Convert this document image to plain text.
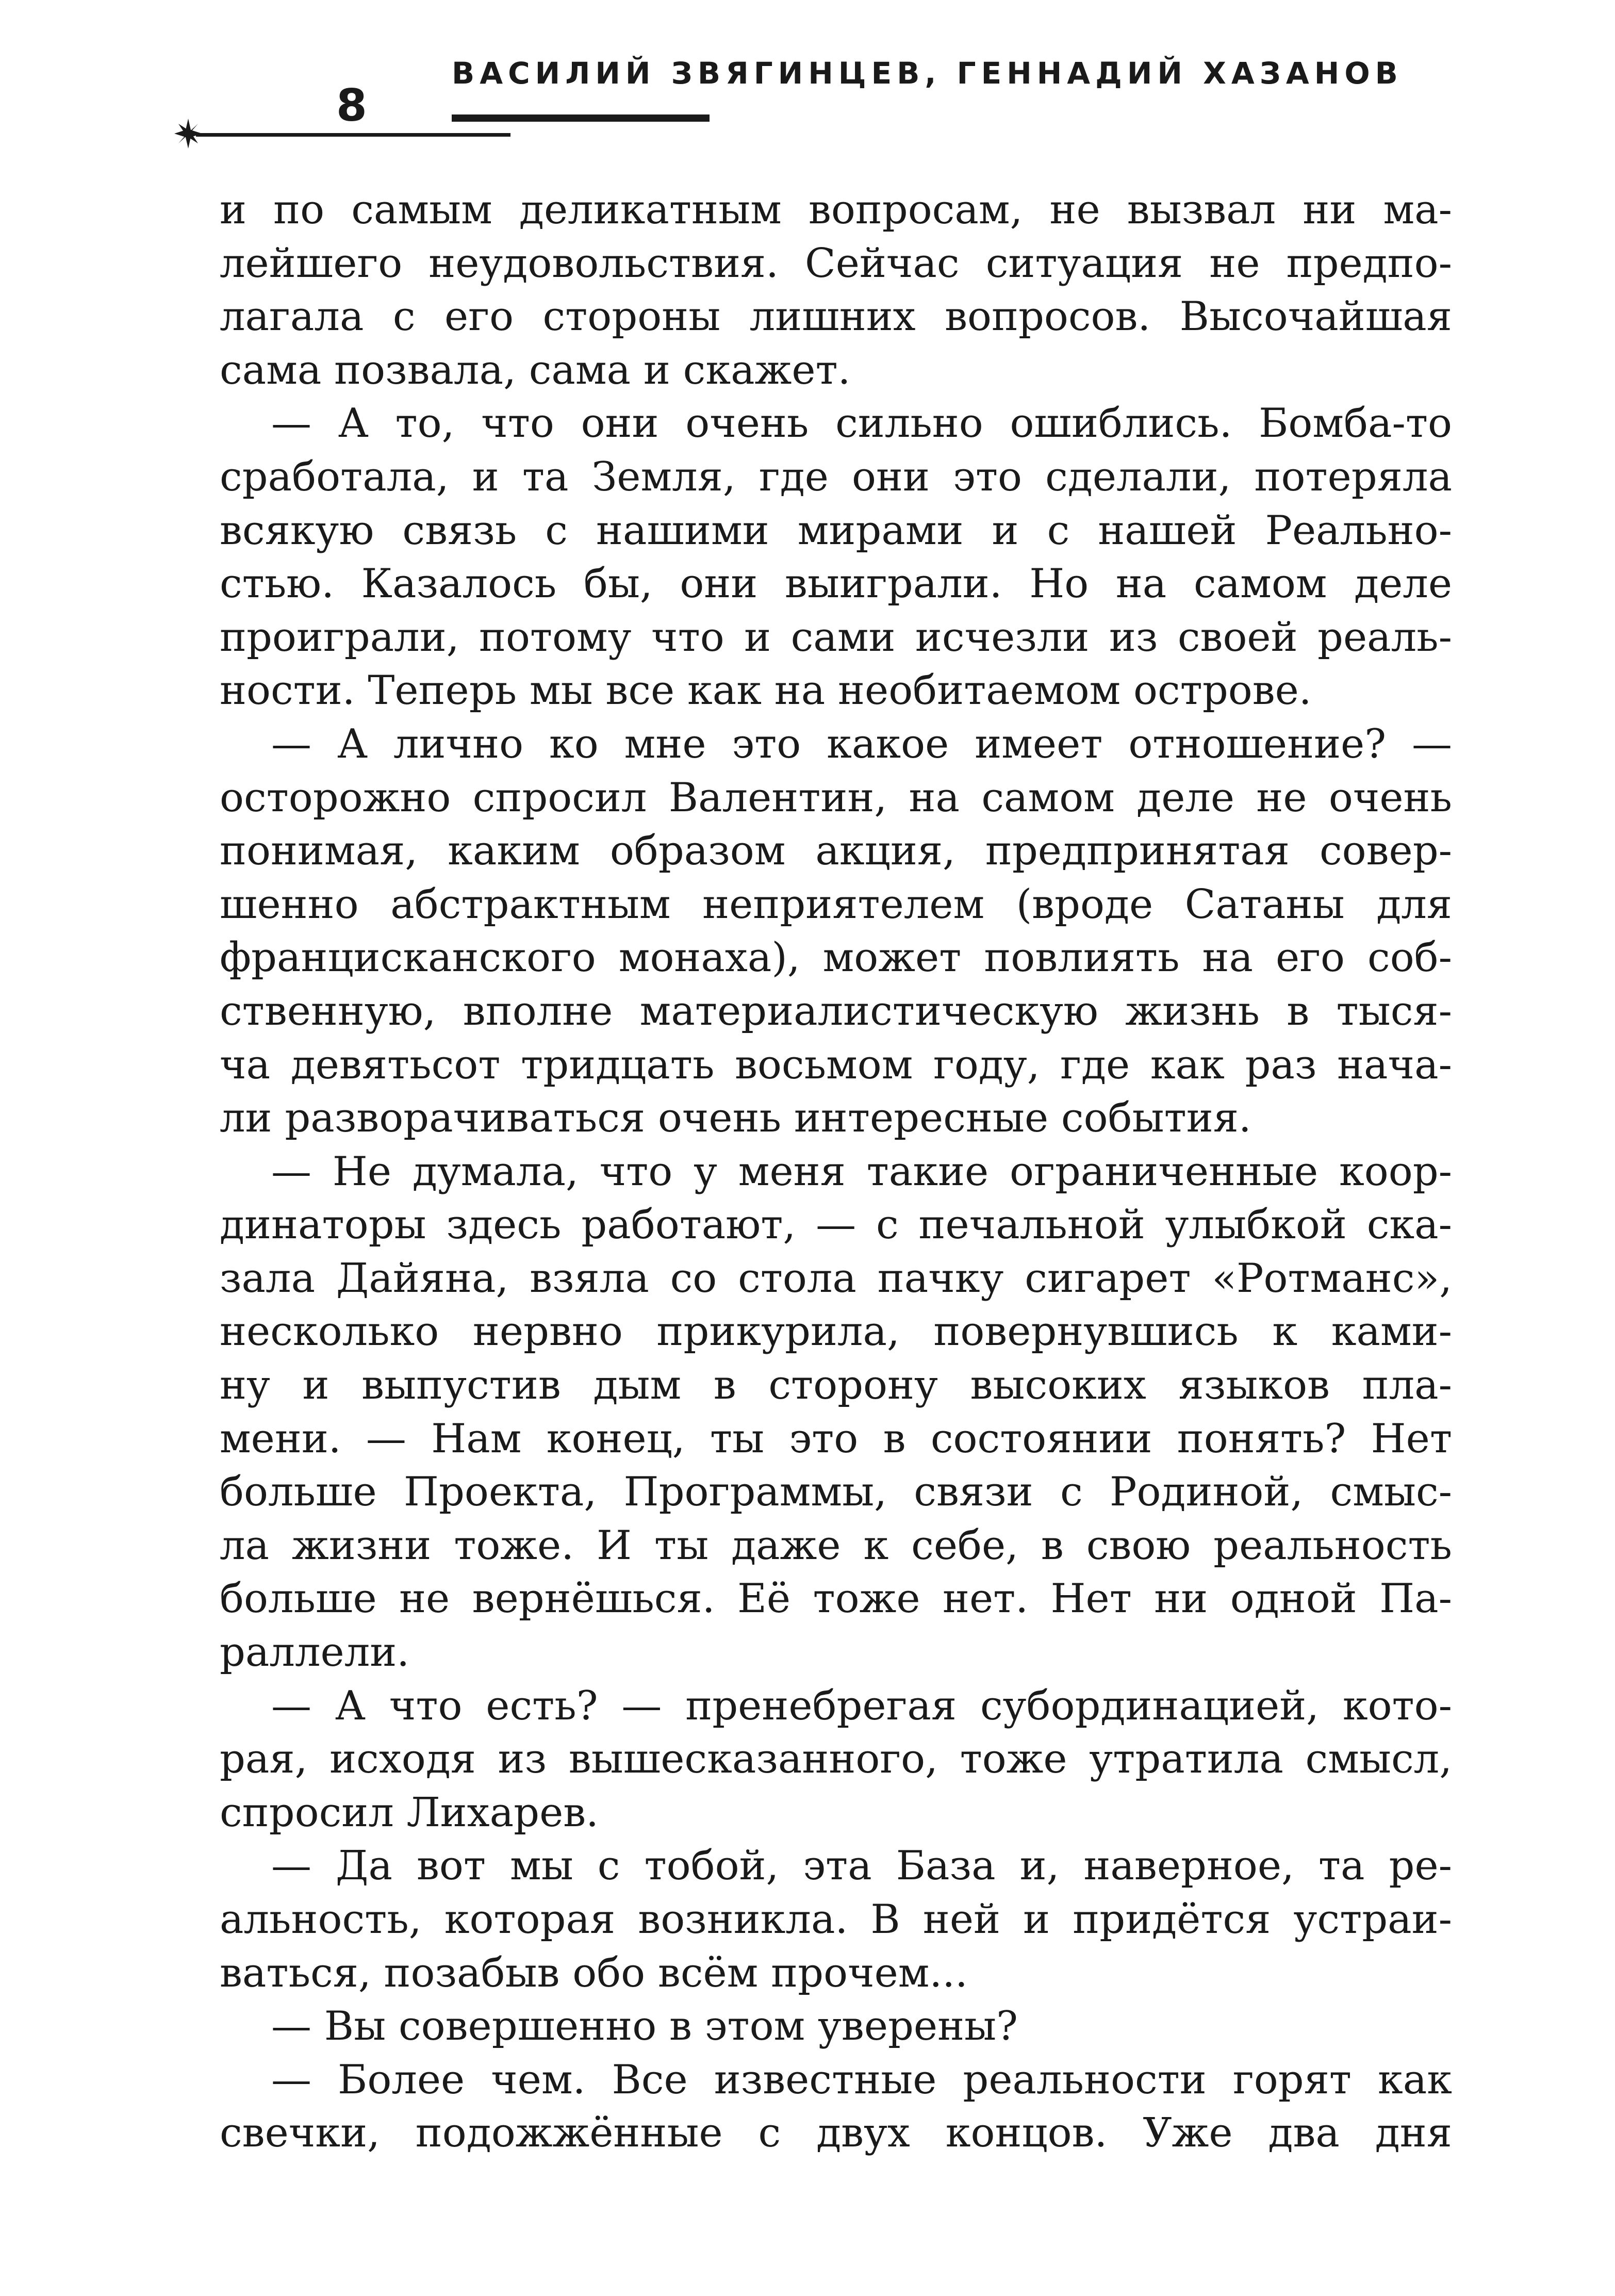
ВАСИЛИЙ ЗВЯГИНЦЕВ, ГЕННАДИЙ ХАЗАНОВ
8
и по самым деликатным вопросам, не вызвал ни ма-
лейшего неудовольствия. Сейчас ситуация не предпо-
лагала с его стороны лишних вопросов. Высочайшая
сама позвала, сама и скажет.
— А то, что они очень сильно ошиблись. Бомба-то
сработала, и та Земля, где они это сделали, потеряла
всякую связь с нашими мирами и с нашей Реально-
стью. Казалось бы, они выиграли. Но на самом деле
проиграли, потому что и сами исчезли из своей реаль-
ности. Теперь мы все как на необитаемом острове.
— А лично ко мне это какое имеет отношение? —
осторожно спросил Валентин, на самом деле не очень
понимая, каким образом акция, предпринятая совер-
шенно абстрактным неприятелем (вроде Сатаны для
францисканского монаха), может повлиять на его соб-
ственную, вполне материалистическую жизнь в тыся-
ча девятьсот тридцать восьмом году, где как раз нача-
ли разворачиваться очень интересные события.
— Не думала, что у меня такие ограниченные коор-
динаторы здесь работают, — с печальной улыбкой ска-
зала Дайяна, взяла со стола пачку сигарет «Ротманс»,
несколько нервно прикурила, повернувшись к ками-
ну и выпустив дым в сторону высоких языков пла-
мени. — Нам конец, ты это в состоянии понять? Нет
больше Проекта, Программы, связи с Родиной, смыс-
ла жизни тоже. И ты даже к себе, в свою реальность
больше не вернёшься. Её тоже нет. Нет ни одной Па-
раллели.
— А что есть? — пренебрегая субординацией, кото-
рая, исходя из вышесказанного, тоже утратила смысл,
спросил Лихарев.
— Да вот мы с тобой, эта База и, наверное, та ре-
альность, которая возникла. В ней и придётся устраи-
ваться, позабыв обо всём прочем...
— Вы совершенно в этом уверены?
— Более чем. Все известные реальности горят как
свечки, подожжённые с двух концов. Уже два дня
